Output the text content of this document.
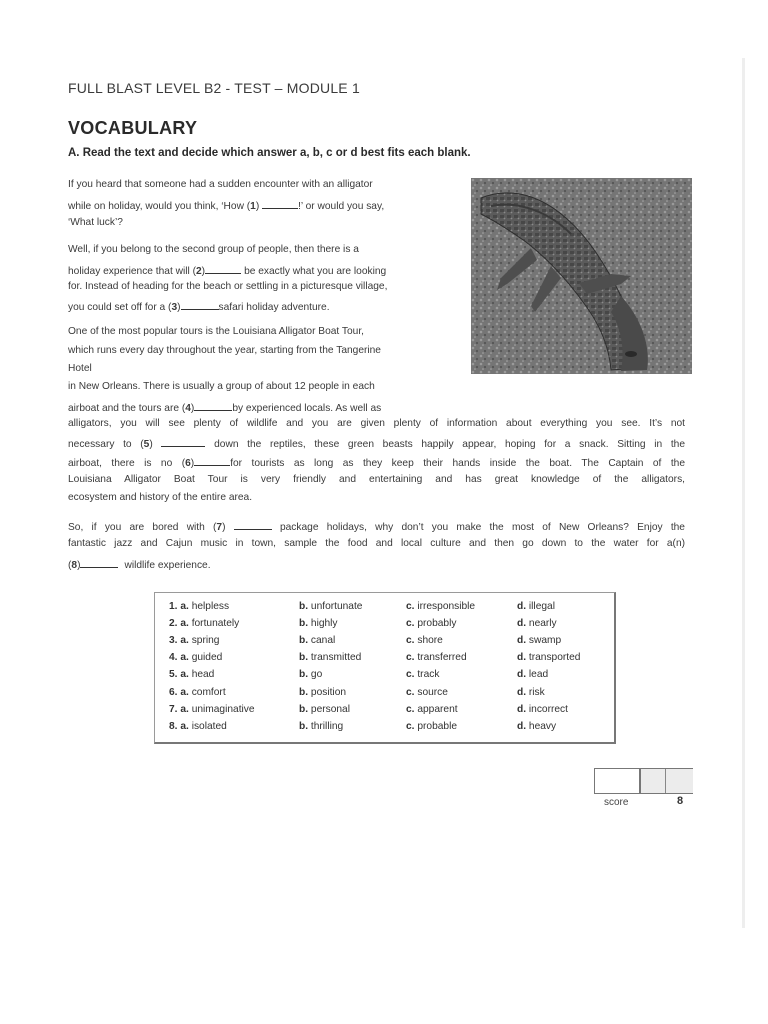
FULL BLAST LEVEL B2 - TEST – MODULE 1
VOCABULARY
A. Read the text and decide which answer a, b, c or d best fits each blank.
If you heard that someone had a sudden encounter with an alligator
while on holiday, would you think, ‘How (1)	!’ or would you say,
‘What luck’?
Well, if you belong to the second group of people, then there is a
holiday experience that will (2)	be exactly what you are looking
for. Instead of heading for the beach or settling in a picturesque village,
you could set off for a (3)	safari holiday adventure.
One of the most popular tours is the Louisiana Alligator Boat Tour,
which runs every day throughout the year, starting from the Tangerine
Hotel
in New Orleans. There is usually a group of about 12 people in each
airboat and the tours are (4)	by experienced locals. As well as
alligators, you will see plenty of wildlife and you are given plenty of information about everything you see. It’s not
necessary to (5)	down the reptiles, these green beasts happily appear, hoping for a snack. Sitting in the
airboat, there is no (6)	for tourists as long as they keep their hands inside the boat. The Captain of the
Louisiana Alligator Boat Tour is very friendly and entertaining and has great knowledge of the alligators,
ecosystem and history of the entire area.
So, if you are bored with (7)	package holidays, why don’t you make the most of New Orleans? Enjoy the
fantastic jazz and Cajun music in town, sample the food and local culture and then go down to the water for a(n)
(8)	wildlife experience.
1. a. helpless	b. unfortunate	c. irresponsible	d. illegal
2. a. fortunately	b. highly	c. probably	d. nearly
3. a. spring	b. canal	c. shore	d. swamp
4. a. guided	b. transmitted	c. transferred	d. transported
5. a. head	b. go	c. track	d. lead
6. a. comfort	b. position	c. source	d. risk
7. a. unimaginative	b. personal	c. apparent	d. incorrect
8. a. isolated	b. thrilling	c. probable	d. heavy
score	8
